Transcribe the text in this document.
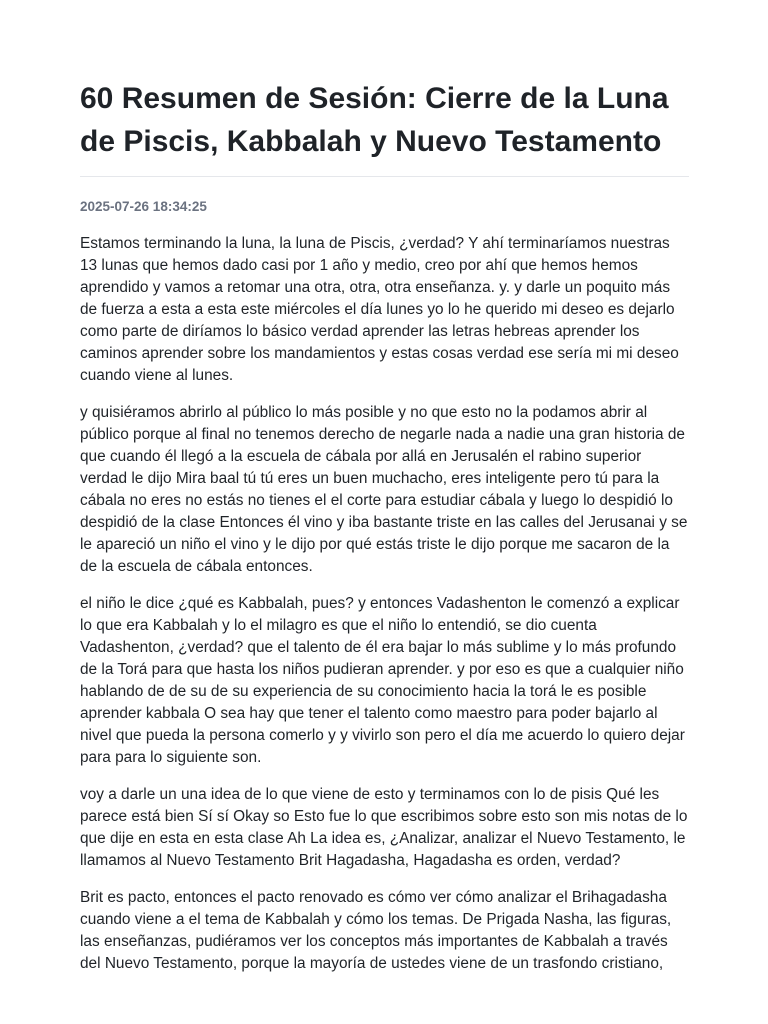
60 Resumen de Sesión: Cierre de la Luna de Piscis, Kabbalah y Nuevo Testamento
2025-07-26 18:34:25

Estamos terminando la luna, la luna de Piscis, ¿verdad? Y ahí terminaríamos nuestras 13 lunas que hemos dado casi por 1 año y medio, creo por ahí que hemos hemos aprendido y vamos a retomar una otra, otra, otra enseñanza. y. y darle un poquito más de fuerza a esta a esta este miércoles el día lunes yo lo he querido mi deseo es dejarlo como parte de diríamos lo básico verdad aprender las letras hebreas aprender los caminos aprender sobre los mandamientos y estas cosas verdad ese sería mi mi deseo cuando viene al lunes.

y quisiéramos abrirlo al público lo más posible y no que esto no la podamos abrir al público porque al final no tenemos derecho de negarle nada a nadie una gran historia de que cuando él llegó a la escuela de cábala por allá en Jerusalén el rabino superior verdad le dijo Mira baal tú tú eres un buen muchacho, eres inteligente pero tú para la cábala no eres no estás no tienes el el corte para estudiar cábala y luego lo despidió lo despidió de la clase Entonces él vino y iba bastante triste en las calles del Jerusanai y se le apareció un niño el vino y le dijo por qué estás triste le dijo porque me sacaron de la de la escuela de cábala entonces.

el niño le dice ¿qué es Kabbalah, pues? y entonces Vadashenton le comenzó a explicar lo que era Kabbalah y lo el milagro es que el niño lo entendió, se dio cuenta Vadashenton, ¿verdad? que el talento de él era bajar lo más sublime y lo más profundo de la Torá para que hasta los niños pudieran aprender. y por eso es que a cualquier niño hablando de de su de su experiencia de su conocimiento hacia la torá le es posible aprender kabbala O sea hay que tener el talento como maestro para poder bajarlo al nivel que pueda la persona comerlo y y vivirlo son pero el día me acuerdo lo quiero dejar para para lo siguiente son.

voy a darle un una idea de lo que viene de esto y terminamos con lo de pisis Qué les parece está bien Sí sí Okay so Esto fue lo que escribimos sobre esto son mis notas de lo que dije en esta en esta clase Ah La idea es, ¿Analizar, analizar el Nuevo Testamento, le llamamos al Nuevo Testamento Brit Hagadasha, Hagadasha es orden, verdad?

Brit es pacto, entonces el pacto renovado es cómo ver cómo analizar el Brihagadasha cuando viene a el tema de Kabbalah y cómo los temas. De Prigada Nasha, las figuras, las enseñanzas, pudiéramos ver los conceptos más importantes de Kabbalah a través del Nuevo Testamento, porque la mayoría de ustedes viene de un trasfondo cristiano,
